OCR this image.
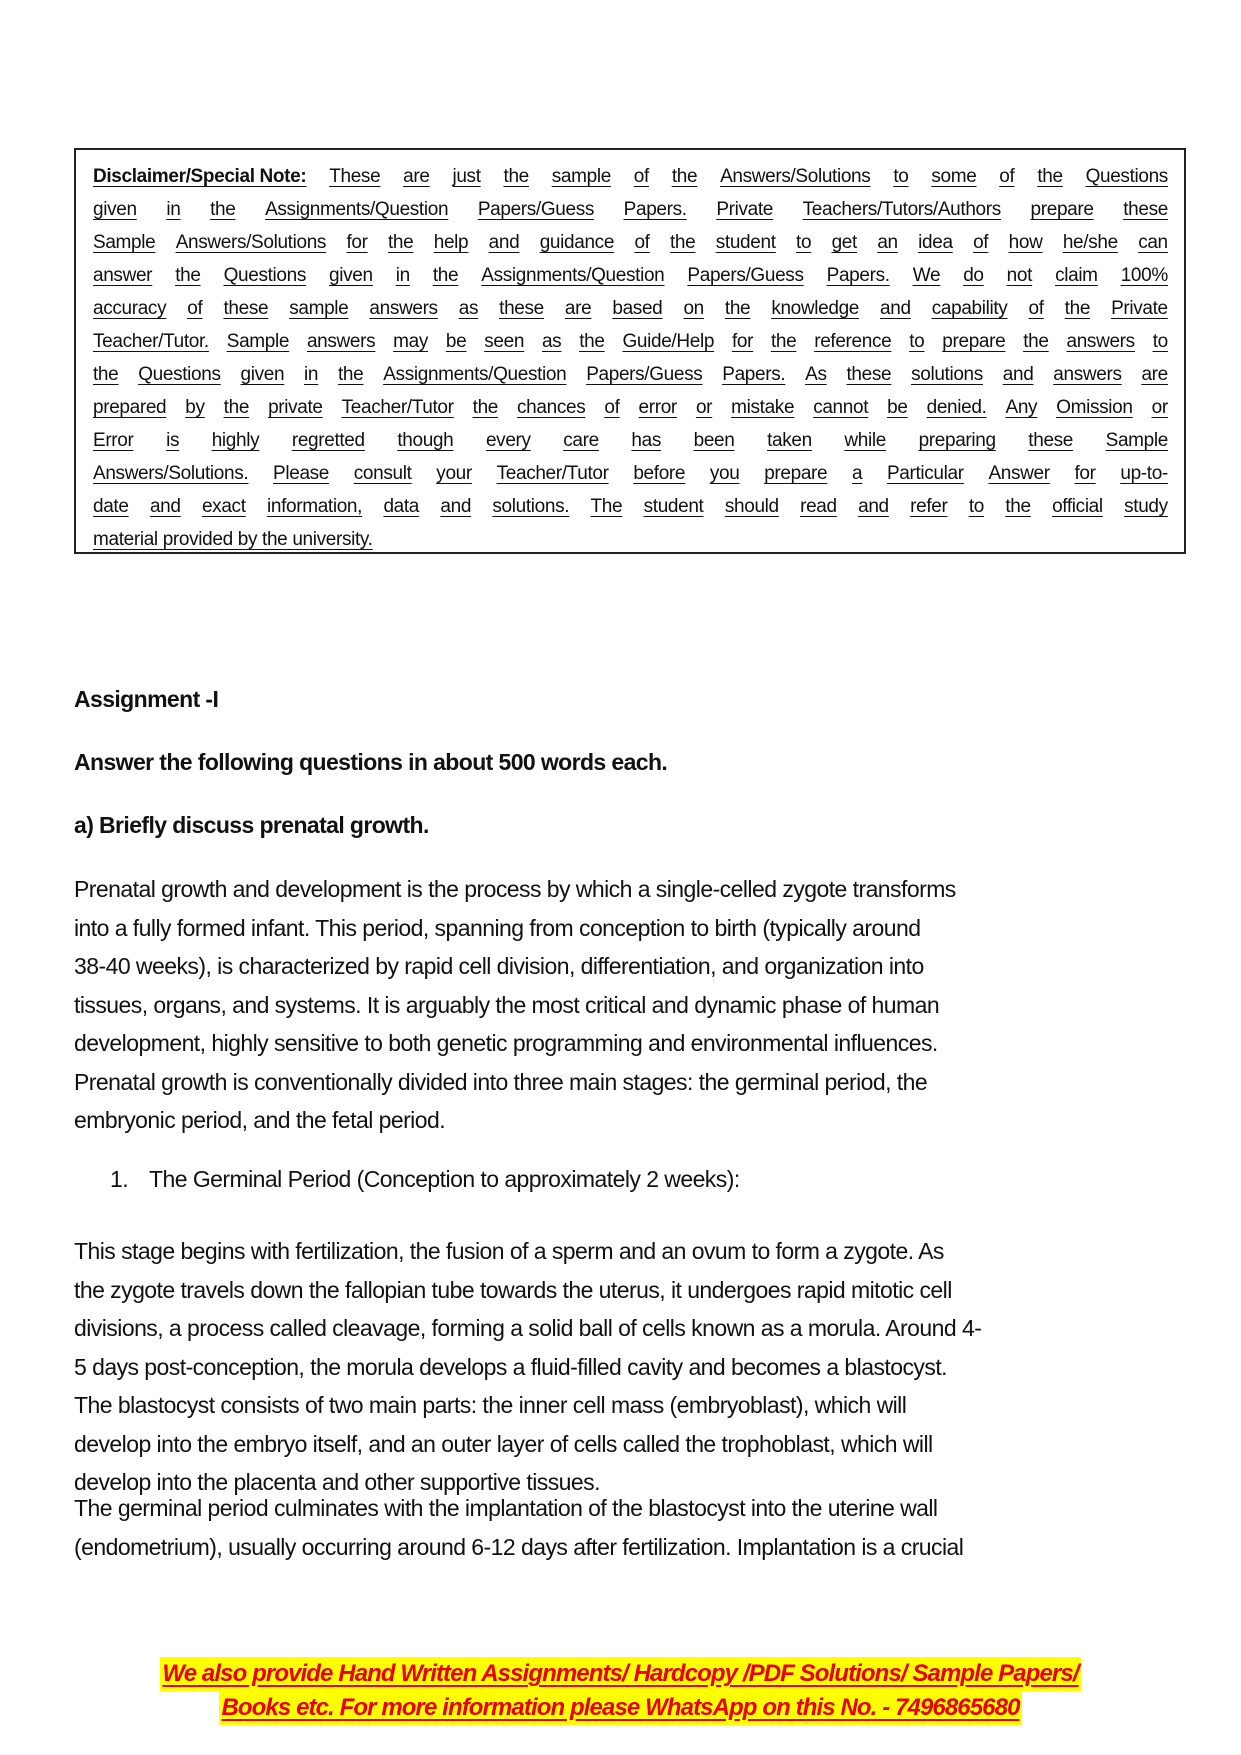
Disclaimer/Special Note: These are just the sample of the Answers/Solutions to some of the Questions
given in the Assignments/Question Papers/Guess Papers. Private Teachers/Tutors/Authors prepare these
Sample Answers/Solutions for the help and guidance of the student to get an idea of how he/she can
answer the Questions given in the Assignments/Question Papers/Guess Papers. We do not claim 100%
accuracy of these sample answers as these are based on the knowledge and capability of the Private
Teacher/Tutor. Sample answers may be seen as the Guide/Help for the reference to prepare the answers to
the Questions given in the Assignments/Question Papers/Guess Papers. As these solutions and answers are
prepared by the private Teacher/Tutor the chances of error or mistake cannot be denied. Any Omission or
Error is highly regretted though every care has been taken while preparing these Sample
Answers/Solutions. Please consult your Teacher/Tutor before you prepare a Particular Answer for up-to-
date and exact information, data and solutions. The student should read and refer to the official study
material provided by the university.
Assignment -I
Answer the following questions in about 500 words each.
a) Briefly discuss prenatal growth.
Prenatal growth and development is the process by which a single-celled zygote transforms
into a fully formed infant. This period, spanning from conception to birth (typically around
38-40 weeks), is characterized by rapid cell division, differentiation, and organization into
tissues, organs, and systems. It is arguably the most critical and dynamic phase of human
development, highly sensitive to both genetic programming and environmental influences.
Prenatal growth is conventionally divided into three main stages: the germinal period, the
embryonic period, and the fetal period.
1. The Germinal Period (Conception to approximately 2 weeks):
This stage begins with fertilization, the fusion of a sperm and an ovum to form a zygote. As
the zygote travels down the fallopian tube towards the uterus, it undergoes rapid mitotic cell
divisions, a process called cleavage, forming a solid ball of cells known as a morula. Around 4-
5 days post-conception, the morula develops a fluid-filled cavity and becomes a blastocyst.
The blastocyst consists of two main parts: the inner cell mass (embryoblast), which will
develop into the embryo itself, and an outer layer of cells called the trophoblast, which will
develop into the placenta and other supportive tissues.
The germinal period culminates with the implantation of the blastocyst into the uterine wall
(endometrium), usually occurring around 6-12 days after fertilization. Implantation is a crucial
We also provide Hand Written Assignments/ Hardcopy /PDF Solutions/ Sample Papers/
Books etc. For more information please WhatsApp on this No. - 7496865680
